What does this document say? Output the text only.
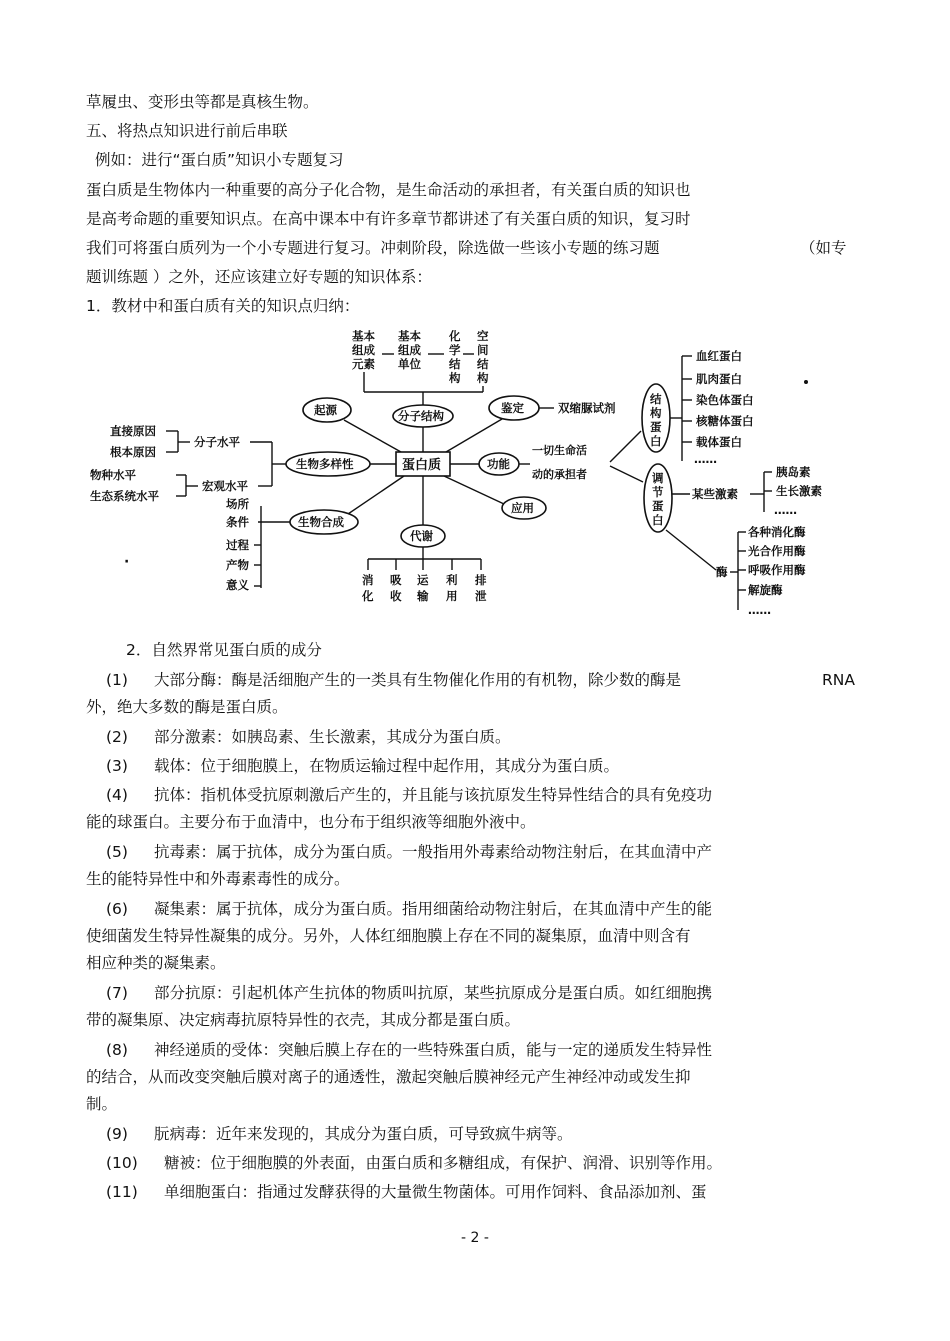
草履虫、变形虫等都是真核生物。
五、将热点知识进行前后串联
例如：进行“蛋白质”知识小专题复习
蛋白质是生物体内一种重要的高分子化合物，是生命活动的承担者，有关蛋白质的知识也
是高考命题的重要知识点。在高中课本中有许多章节都讲述了有关蛋白质的知识，复习时
我们可将蛋白质列为一个小专题进行复习。冲刺阶段，除选做一些该小专题的练习题	（如专
题训练题 ）之外，还应该建立好专题的知识体系：
1．教材中和蛋白质有关的知识点归纳：
基本
组成
元素
基本
组成
单位
化
学
结
构
空
间
结
构
蛋白质
分子结构
起源	鉴定	双缩脲试剂
功能
应用
代谢
生物多样性
生物合成
直接原因
根本原因
分子水平
物种水平
生态系统水平
宏观水平
场所
条件
过程
产物
意义
·
消
化
吸
收
运
输
利
用
排
泄
一切生命活
动的承担者
结
构
蛋
白
调
节
蛋
白
血红蛋白
肌肉蛋白
染色体蛋白
核糖体蛋白
载体蛋白
……
某些激素
胰岛素
生长激素
……
酶
各种消化酶
光合作用酶
呼吸作用酶
解旋酶
……
2．自然界常见蛋白质的成分
(1) 大部分酶：酶是活细胞产生的一类具有生物催化作用的有机物，除少数的酶是	RNA
外，绝大多数的酶是蛋白质。
(2) 部分激素：如胰岛素、生长激素，其成分为蛋白质。
(3) 载体：位于细胞膜上，在物质运输过程中起作用，其成分为蛋白质。
(4) 抗体：指机体受抗原刺激后产生的，并且能与该抗原发生特异性结合的具有免疫功
能的球蛋白。主要分布于血清中，也分布于组织液等细胞外液中。
(5) 抗毒素：属于抗体，成分为蛋白质。一般指用外毒素给动物注射后，在其血清中产
生的能特异性中和外毒素毒性的成分。
(6) 凝集素：属于抗体，成分为蛋白质。指用细菌给动物注射后，在其血清中产生的能
使细菌发生特异性凝集的成分。另外，人体红细胞膜上存在不同的凝集原，血清中则含有
相应种类的凝集素。
(7) 部分抗原：引起机体产生抗体的物质叫抗原，某些抗原成分是蛋白质。如红细胞携
带的凝集原、决定病毒抗原特异性的衣壳，其成分都是蛋白质。
(8) 神经递质的受体：突触后膜上存在的一些特殊蛋白质，能与一定的递质发生特异性
的结合，从而改变突触后膜对离子的通透性，激起突触后膜神经元产生神经冲动或发生抑
制。
(9) 朊病毒：近年来发现的，其成分为蛋白质，可导致疯牛病等。
(10) 糖被：位于细胞膜的外表面，由蛋白质和多糖组成，有保护、润滑、识别等作用。
(11) 单细胞蛋白：指通过发酵获得的大量微生物菌体。可用作饲料、食品添加剂、蛋
- 2 -
